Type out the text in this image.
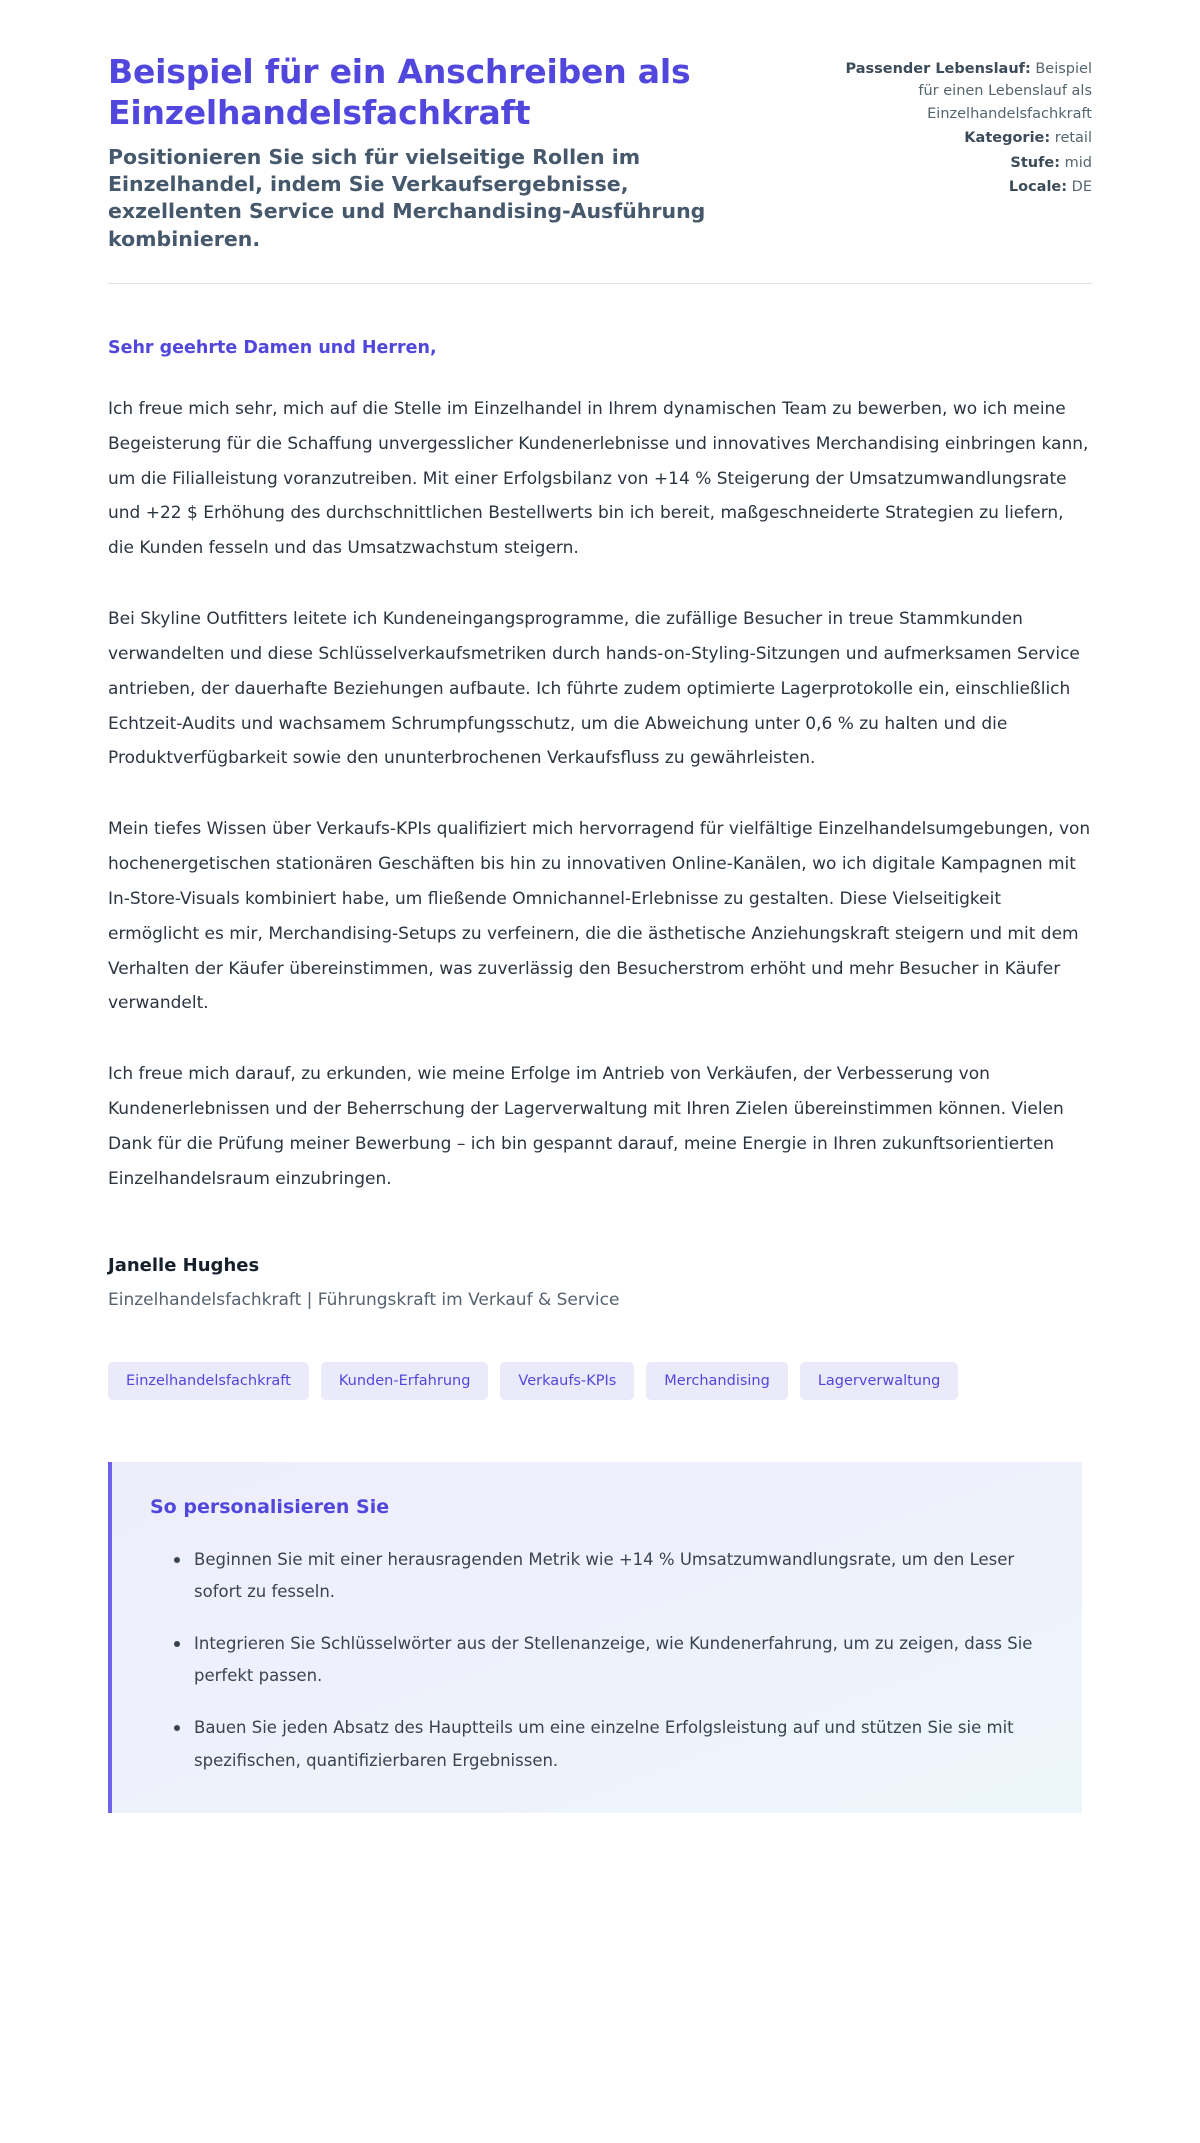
Beispiel für ein Anschreiben als Einzelhandelsfachkraft

Positionieren Sie sich für vielseitige Rollen im Einzelhandel, indem Sie Verkaufsergebnisse, exzellenten Service und Merchandising-Ausführung kombinieren.

Passender Lebenslauf: Beispiel für einen Lebenslauf als Einzelhandelsfachkraft
Kategorie: retail
Stufe: mid
Locale: DE

Sehr geehrte Damen und Herren,

Ich freue mich sehr, mich auf die Stelle im Einzelhandel in Ihrem dynamischen Team zu bewerben, wo ich meine Begeisterung für die Schaffung unvergesslicher Kundenerlebnisse und innovatives Merchandising einbringen kann, um die Filialleistung voranzutreiben. Mit einer Erfolgsbilanz von +14 % Steigerung der Umsatzumwandlungsrate und +22 $ Erhöhung des durchschnittlichen Bestellwerts bin ich bereit, maßgeschneiderte Strategien zu liefern, die Kunden fesseln und das Umsatzwachstum steigern.

Bei Skyline Outfitters leitete ich Kundeneingangsprogramme, die zufällige Besucher in treue Stammkunden verwandelten und diese Schlüsselverkaufsmetriken durch hands-on-Styling-Sitzungen und aufmerksamen Service antrieben, der dauerhafte Beziehungen aufbaute. Ich führte zudem optimierte Lagerprotokolle ein, einschließlich Echtzeit-Audits und wachsamem Schrumpfungsschutz, um die Abweichung unter 0,6 % zu halten und die Produktverfügbarkeit sowie den ununterbrochenen Verkaufsfluss zu gewährleisten.

Mein tiefes Wissen über Verkaufs-KPIs qualifiziert mich hervorragend für vielfältige Einzelhandelsumgebungen, von hochenergetischen stationären Geschäften bis hin zu innovativen Online-Kanälen, wo ich digitale Kampagnen mit In-Store-Visuals kombiniert habe, um fließende Omnichannel-Erlebnisse zu gestalten. Diese Vielseitigkeit ermöglicht es mir, Merchandising-Setups zu verfeinern, die die ästhetische Anziehungskraft steigern und mit dem Verhalten der Käufer übereinstimmen, was zuverlässig den Besucherstrom erhöht und mehr Besucher in Käufer verwandelt.

Ich freue mich darauf, zu erkunden, wie meine Erfolge im Antrieb von Verkäufen, der Verbesserung von Kundenerlebnissen und der Beherrschung der Lagerverwaltung mit Ihren Zielen übereinstimmen können. Vielen Dank für die Prüfung meiner Bewerbung – ich bin gespannt darauf, meine Energie in Ihren zukunftsorientierten Einzelhandelsraum einzubringen.

Janelle Hughes

Einzelhandelsfachkraft | Führungskraft im Verkauf & Service

Einzelhandelsfachkraft	Kunden-Erfahrung	Verkaufs-KPIs	Merchandising	Lagerverwaltung

So personalisieren Sie

Beginnen Sie mit einer herausragenden Metrik wie +14 % Umsatzumwandlungsrate, um den Leser sofort zu fesseln.
Integrieren Sie Schlüsselwörter aus der Stellenanzeige, wie Kundenerfahrung, um zu zeigen, dass Sie perfekt passen.
Bauen Sie jeden Absatz des Hauptteils um eine einzelne Erfolgsleistung auf und stützen Sie sie mit spezifischen, quantifizierbaren Ergebnissen.
